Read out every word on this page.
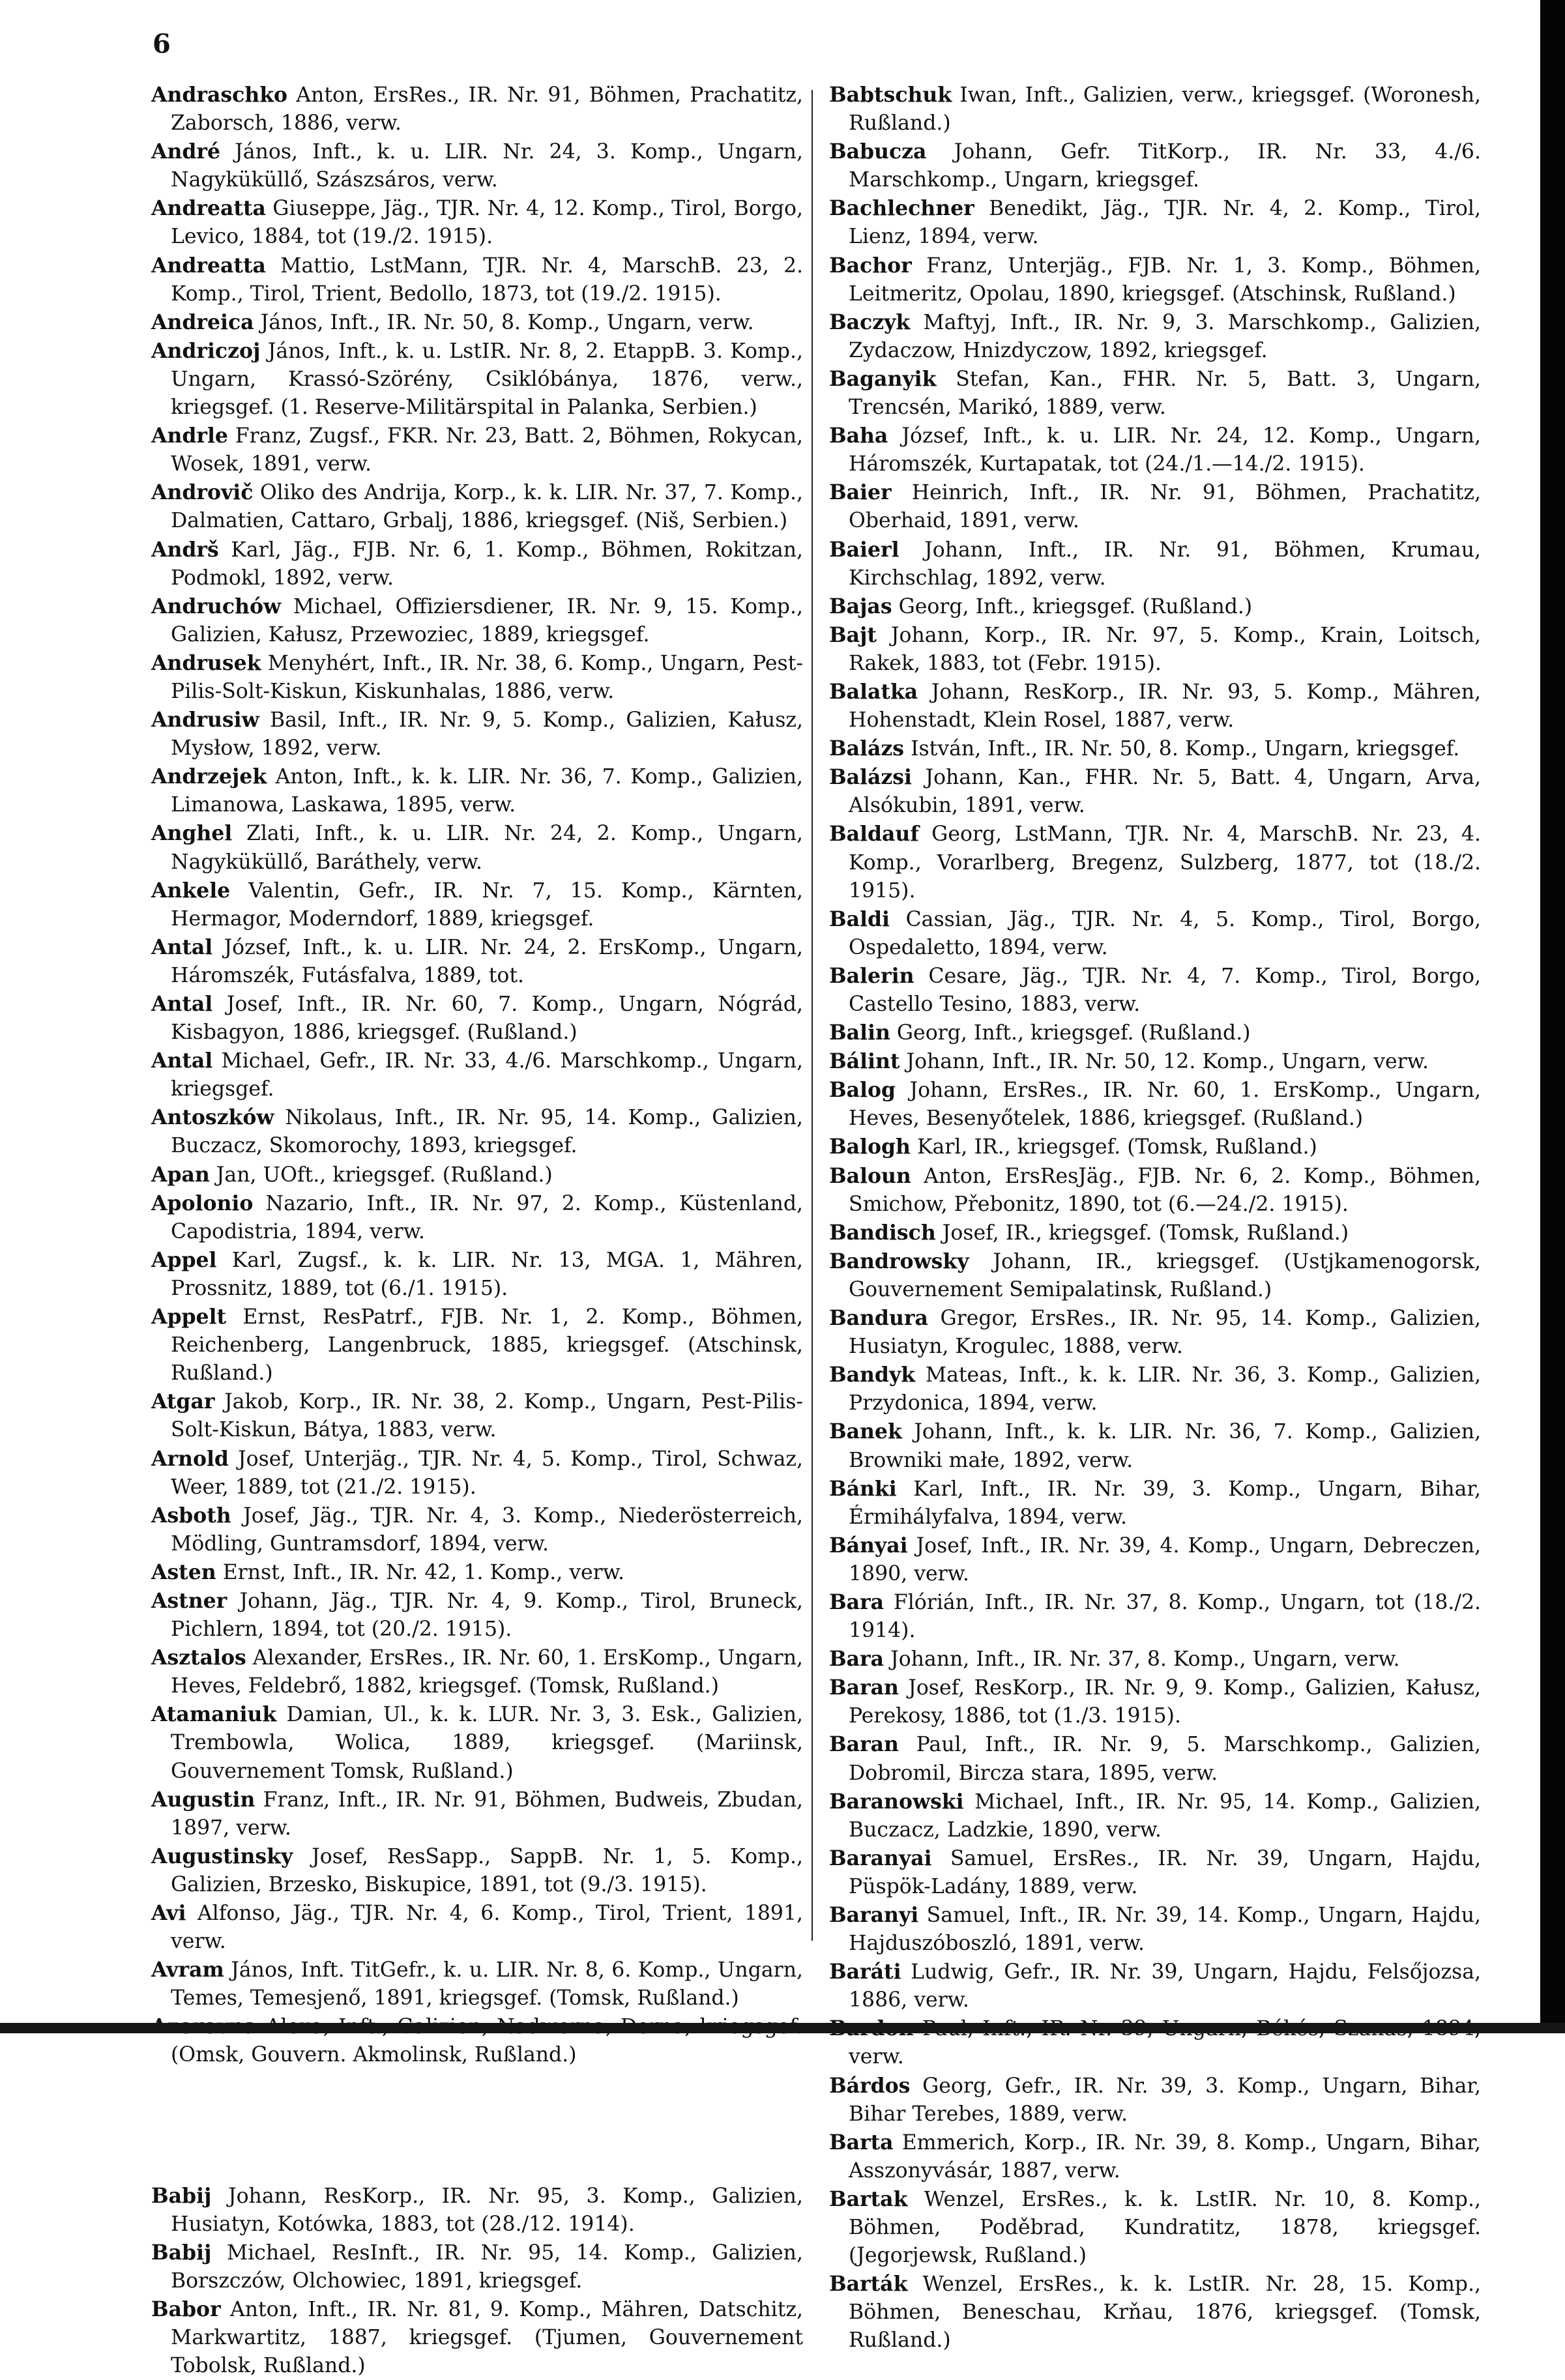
6

Andraschko Anton, ErsRes., IR. Nr. 91, Böhmen, Prachatitz, Zaborsch, 1886, verw.

André János, Inft., k. u. LIR. Nr. 24, 3. Komp., Ungarn, Nagyküküllő, Szászsáros, verw.

Andreatta Giuseppe, Jäg., TJR. Nr. 4, 12. Komp., Tirol, Borgo, Levico, 1884, tot (19./2. 1915).

Andreatta Mattio, LstMann, TJR. Nr. 4, MarschB. 23, 2. Komp., Tirol, Trient, Bedollo, 1873, tot (19./2. 1915).

Andreica János, Inft., IR. Nr. 50, 8. Komp., Ungarn, verw.

Andriczoj János, Inft., k. u. LstIR. Nr. 8, 2. EtappB. 3. Komp., Ungarn, Krassó-Szörény, Csiklóbánya, 1876, verw., kriegsgef. (1. Reserve-Militärspital in Palanka, Serbien.)

Andrle Franz, Zugsf., FKR. Nr. 23, Batt. 2, Böhmen, Rokycan, Wosek, 1891, verw.

Androvič Oliko des Andrija, Korp., k. k. LIR. Nr. 37, 7. Komp., Dalmatien, Cattaro, Grbalj, 1886, kriegsgef. (Niš, Serbien.)

Andrš Karl, Jäg., FJB. Nr. 6, 1. Komp., Böhmen, Rokitzan, Podmokl, 1892, verw.

Andruchów Michael, Offiziersdiener, IR. Nr. 9, 15. Komp., Galizien, Kałusz, Przewoziec, 1889, kriegsgef.

Andrusek Menyhért, Inft., IR. Nr. 38, 6. Komp., Ungarn, Pest-Pilis-Solt-Kiskun, Kiskunhalas, 1886, verw.

Andrusiw Basil, Inft., IR. Nr. 9, 5. Komp., Galizien, Kałusz, Mysłow, 1892, verw.

Andrzejek Anton, Inft., k. k. LIR. Nr. 36, 7. Komp., Galizien, Limanowa, Laskawa, 1895, verw.

Anghel Zlati, Inft., k. u. LIR. Nr. 24, 2. Komp., Ungarn, Nagyküküllő, Baráthely, verw.

Ankele Valentin, Gefr., IR. Nr. 7, 15. Komp., Kärnten, Hermagor, Moderndorf, 1889, kriegsgef.

Antal József, Inft., k. u. LIR. Nr. 24, 2. ErsKomp., Ungarn, Háromszék, Futásfalva, 1889, tot.

Antal Josef, Inft., IR. Nr. 60, 7. Komp., Ungarn, Nógrád, Kisbagyon, 1886, kriegsgef. (Rußland.)

Antal Michael, Gefr., IR. Nr. 33, 4./6. Marschkomp., Ungarn, kriegsgef.

Antoszków Nikolaus, Inft., IR. Nr. 95, 14. Komp., Galizien, Buczacz, Skomorochy, 1893, kriegsgef.

Apan Jan, UOft., kriegsgef. (Rußland.)

Apolonio Nazario, Inft., IR. Nr. 97, 2. Komp., Küstenland, Capodistria, 1894, verw.

Appel Karl, Zugsf., k. k. LIR. Nr. 13, MGA. 1, Mähren, Prossnitz, 1889, tot (6./1. 1915).

Appelt Ernst, ResPatrf., FJB. Nr. 1, 2. Komp., Böhmen, Reichenberg, Langenbruck, 1885, kriegsgef. (Atschinsk, Rußland.)

Atgar Jakob, Korp., IR. Nr. 38, 2. Komp., Ungarn, Pest-Pilis-Solt-Kiskun, Bátya, 1883, verw.

Arnold Josef, Unterjäg., TJR. Nr. 4, 5. Komp., Tirol, Schwaz, Weer, 1889, tot (21./2. 1915).

Asboth Josef, Jäg., TJR. Nr. 4, 3. Komp., Niederösterreich, Mödling, Guntramsdorf, 1894, verw.

Asten Ernst, Inft., IR. Nr. 42, 1. Komp., verw.

Astner Johann, Jäg., TJR. Nr. 4, 9. Komp., Tirol, Bruneck, Pichlern, 1894, tot (20./2. 1915).

Asztalos Alexander, ErsRes., IR. Nr. 60, 1. ErsKomp., Ungarn, Heves, Feldebrő, 1882, kriegsgef. (Tomsk, Rußland.)

Atamaniuk Damian, Ul., k. k. LUR. Nr. 3, 3. Esk., Galizien, Trembowla, Wolica, 1889, kriegsgef. (Mariinsk, Gouvernement Tomsk, Rußland.)

Augustin Franz, Inft., IR. Nr. 91, Böhmen, Budweis, Zbudan, 1897, verw.

Augustinsky Josef, ResSapp., SappB. Nr. 1, 5. Komp., Galizien, Brzesko, Biskupice, 1891, tot (9./3. 1915).

Avi Alfonso, Jäg., TJR. Nr. 4, 6. Komp., Tirol, Trient, 1891, verw.

Avram János, Inft. TitGefr., k. u. LIR. Nr. 8, 6. Komp., Ungarn, Temes, Temesjenő, 1891, kriegsgef. (Tomsk, Rußland.)

(Omsk, Gouvern. Akmolinsk, Rußland.)

Babij Johann, ResKorp., IR. Nr. 95, 3. Komp., Galizien, Husiatyn, Kotówka, 1883, tot (28./12. 1914).

Babij Michael, ResInft., IR. Nr. 95, 14. Komp., Galizien, Borszczów, Olchowiec, 1891, kriegsgef.

Babor Anton, Inft., IR. Nr. 81, 9. Komp., Mähren, Datschitz, Markwartitz, 1887, kriegsgef. (Tjumen, Gouvernement Tobolsk, Rußland.)

Babtschuk Iwan, Inft., Galizien, verw., kriegsgef. (Woronesh, Rußland.)

Babucza Johann, Gefr. TitKorp., IR. Nr. 33, 4./6. Marschkomp., Ungarn, kriegsgef.

Bachlechner Benedikt, Jäg., TJR. Nr. 4, 2. Komp., Tirol, Lienz, 1894, verw.

Bachor Franz, Unterjäg., FJB. Nr. 1, 3. Komp., Böhmen, Leitmeritz, Opolau, 1890, kriegsgef. (Atschinsk, Rußland.)

Baczyk Maftyj, Inft., IR. Nr. 9, 3. Marschkomp., Galizien, Zydaczow, Hnizdyczow, 1892, kriegsgef.

Baganyik Stefan, Kan., FHR. Nr. 5, Batt. 3, Ungarn, Trencsén, Marikó, 1889, verw.

Baha József, Inft., k. u. LIR. Nr. 24, 12. Komp., Ungarn, Háromszék, Kurtapatak, tot (24./1.—14./2. 1915).

Baier Heinrich, Inft., IR. Nr. 91, Böhmen, Prachatitz, Oberhaid, 1891, verw.

Baierl Johann, Inft., IR. Nr. 91, Böhmen, Krumau, Kirchschlag, 1892, verw.

Bajas Georg, Inft., kriegsgef. (Rußland.)

Bajt Johann, Korp., IR. Nr. 97, 5. Komp., Krain, Loitsch, Rakek, 1883, tot (Febr. 1915).

Balatka Johann, ResKorp., IR. Nr. 93, 5. Komp., Mähren, Hohenstadt, Klein Rosel, 1887, verw.

Balázs István, Inft., IR. Nr. 50, 8. Komp., Ungarn, kriegsgef.

Balázsi Johann, Kan., FHR. Nr. 5, Batt. 4, Ungarn, Arva, Alsókubin, 1891, verw.

Baldauf Georg, LstMann, TJR. Nr. 4, MarschB. Nr. 23, 4. Komp., Vorarlberg, Bregenz, Sulzberg, 1877, tot (18./2. 1915).

Baldi Cassian, Jäg., TJR. Nr. 4, 5. Komp., Tirol, Borgo, Ospedaletto, 1894, verw.

Balerin Cesare, Jäg., TJR. Nr. 4, 7. Komp., Tirol, Borgo, Castello Tesino, 1883, verw.

Balin Georg, Inft., kriegsgef. (Rußland.)

Bálint Johann, Inft., IR. Nr. 50, 12. Komp., Ungarn, verw.

Balog Johann, ErsRes., IR. Nr. 60, 1. ErsKomp., Ungarn, Heves, Besenyőtelek, 1886, kriegsgef. (Rußland.)

Balogh Karl, IR., kriegsgef. (Tomsk, Rußland.)

Baloun Anton, ErsResJäg., FJB. Nr. 6, 2. Komp., Böhmen, Smichow, Přebonitz, 1890, tot (6.—24./2. 1915).

Bandisch Josef, IR., kriegsgef. (Tomsk, Rußland.)

Bandrowsky Johann, IR., kriegsgef. (Ustjkamenogorsk, Gouvernement Semipalatinsk, Rußland.)

Bandura Gregor, ErsRes., IR. Nr. 95, 14. Komp., Galizien, Husiatyn, Krogulec, 1888, verw.

Bandyk Mateas, Inft., k. k. LIR. Nr. 36, 3. Komp., Galizien, Przydonica, 1894, verw.

Banek Johann, Inft., k. k. LIR. Nr. 36, 7. Komp., Galizien, Browniki małe, 1892, verw.

Bánki Karl, Inft., IR. Nr. 39, 3. Komp., Ungarn, Bihar, Érmihályfalva, 1894, verw.

Bányai Josef, Inft., IR. Nr. 39, 4. Komp., Ungarn, Debreczen, 1890, verw.

Bara Flórián, Inft., IR. Nr. 37, 8. Komp., Ungarn, tot (18./2. 1914).

Bara Johann, Inft., IR. Nr. 37, 8. Komp., Ungarn, verw.

Baran Josef, ResKorp., IR. Nr. 9, 9. Komp., Galizien, Kałusz, Perekosy, 1886, tot (1./3. 1915).

Baran Paul, Inft., IR. Nr. 9, 5. Marschkomp., Galizien, Dobromil, Bircza stara, 1895, verw.

Baranowski Michael, Inft., IR. Nr. 95, 14. Komp., Galizien, Buczacz, Ladzkie, 1890, verw.

Baranyai Samuel, ErsRes., IR. Nr. 39, Ungarn, Hajdu, Püspök-Ladány, 1889, verw.

Baranyi Samuel, Inft., IR. Nr. 39, 14. Komp., Ungarn, Hajdu, Hajduszóboszló, 1891, verw.

Baráti Ludwig, Gefr., IR. Nr. 39, Ungarn, Hajdu, Felsőjozsa, 1886, verw.

verw.

Bárdos Georg, Gefr., IR. Nr. 39, 3. Komp., Ungarn, Bihar, Bihar Terebes, 1889, verw.

Barta Emmerich, Korp., IR. Nr. 39, 8. Komp., Ungarn, Bihar, Asszonyvásár, 1887, verw.

Bartak Wenzel, ErsRes., k. k. LstIR. Nr. 10, 8. Komp., Böhmen, Poděbrad, Kundratitz, 1878, kriegsgef. (Jegorjewsk, Rußland.)

Barták Wenzel, ErsRes., k. k. LstIR. Nr. 28, 15. Komp., Böhmen, Beneschau, Krňau, 1876, kriegsgef. (Tomsk, Rußland.)
